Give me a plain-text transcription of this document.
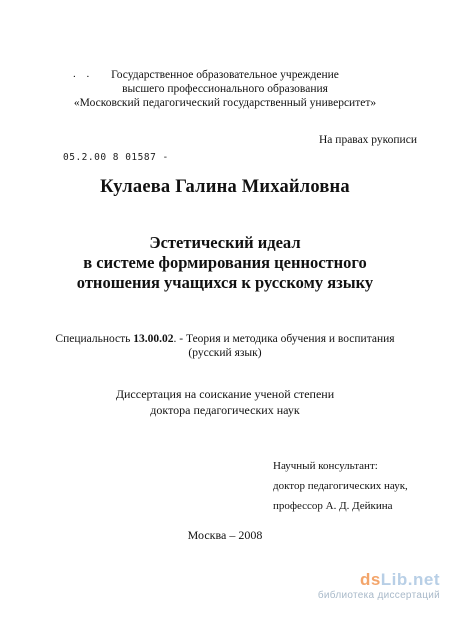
. .	Государственное образовательное учреждение
высшего профессионального образования
«Московский педагогический государственный университет»
На правах рукописи
05.2.00 8 01587 -
Кулаева Галина Михайловна
Эстетический идеал
в системе формирования ценностного
отношения учащихся к русскому языку
Специальность 13.00.02. - Теория и методика обучения и воспитания
(русский язык)
Диссертация на соискание ученой степени
доктора педагогических наук
Научный консультант:
доктор педагогических наук,
профессор А. Д. Дейкина
Москва – 2008
dsLib.net
библиотека диссертаций
